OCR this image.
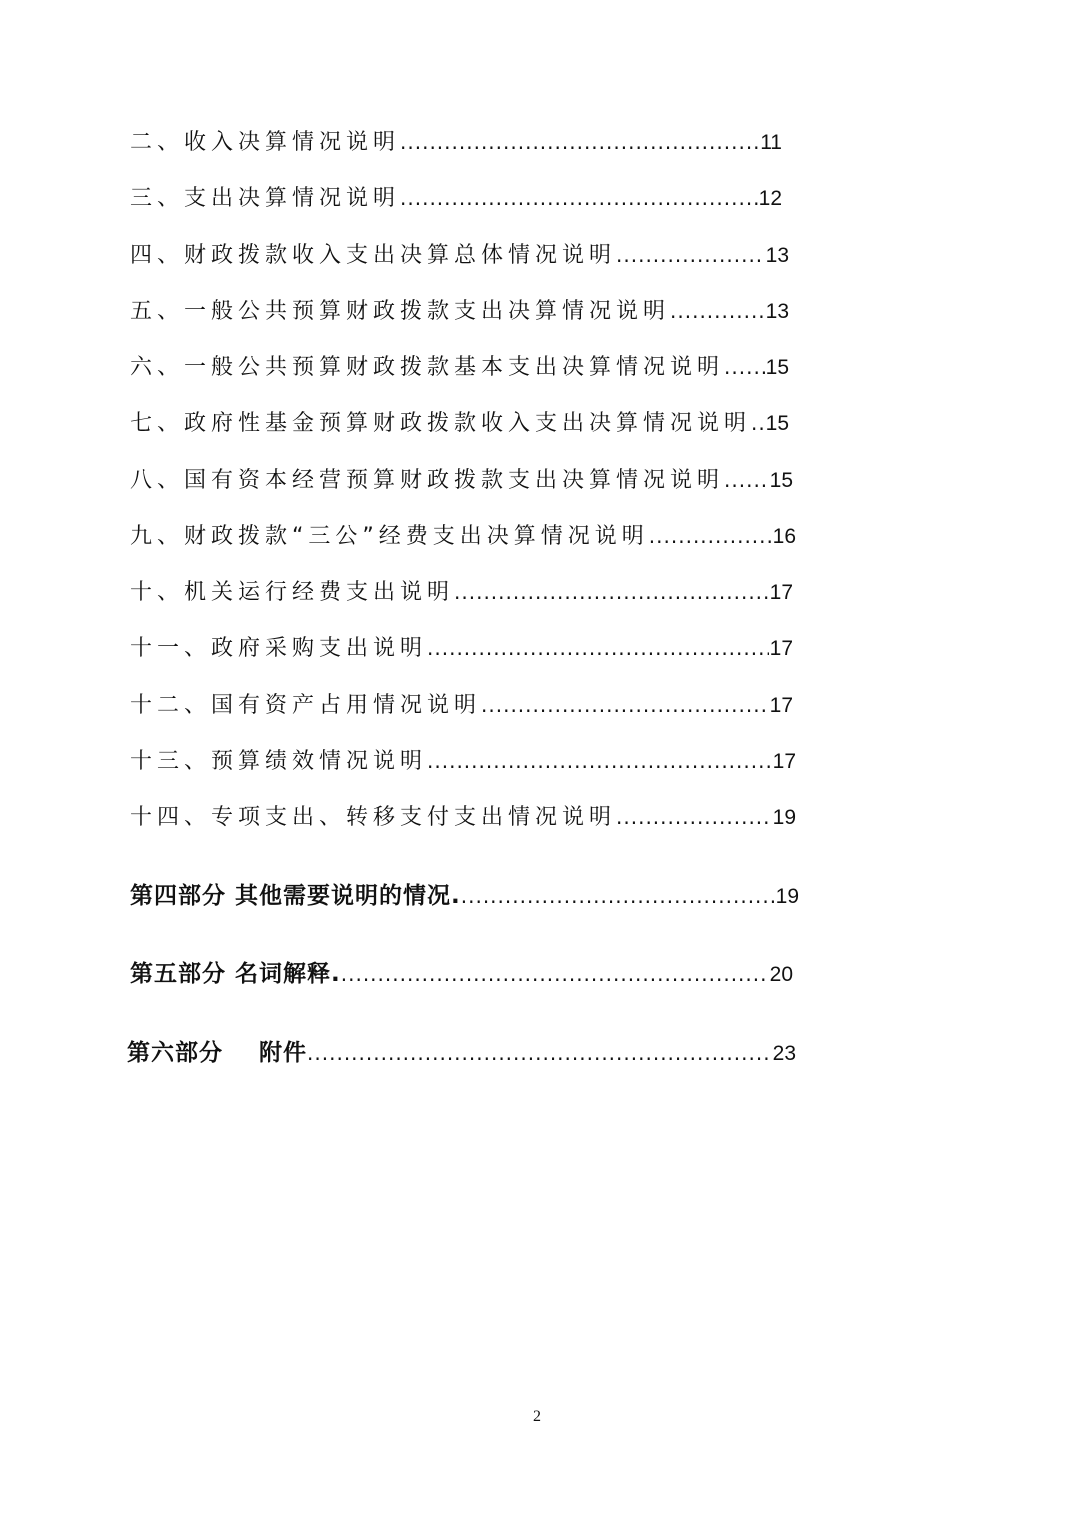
二、收入决算情况说明 .....	11
三、支出决算情况说明 .....	12
四、财政拨款收入支出决算总体情况说明 .....	13
五、一般公共预算财政拨款支出决算情况说明 .....	13
六、一般公共预算财政拨款基本支出决算情况说明 ..... 15
七、政府性基金预算财政拨款收入支出决算情况说明 ..... 15
八、国有资本经营预算财政拨款支出决算情况说明 ..... 15
九、财政拨款“三公”经费支出决算情况说明 .....	16
十、机关运行经费支出说明 .....	17
十一、政府采购支出说明 .....	17
十二、国有资产占用情况说明 .....	17
十三、预算绩效情况说明 .....	17
十四、专项支出、转移支付支出情况说明 .....	19
第四部分 其他需要说明的情况. .....	19
第五部分 名词解释. .....	20
第六部分    附件 .....	23
2
